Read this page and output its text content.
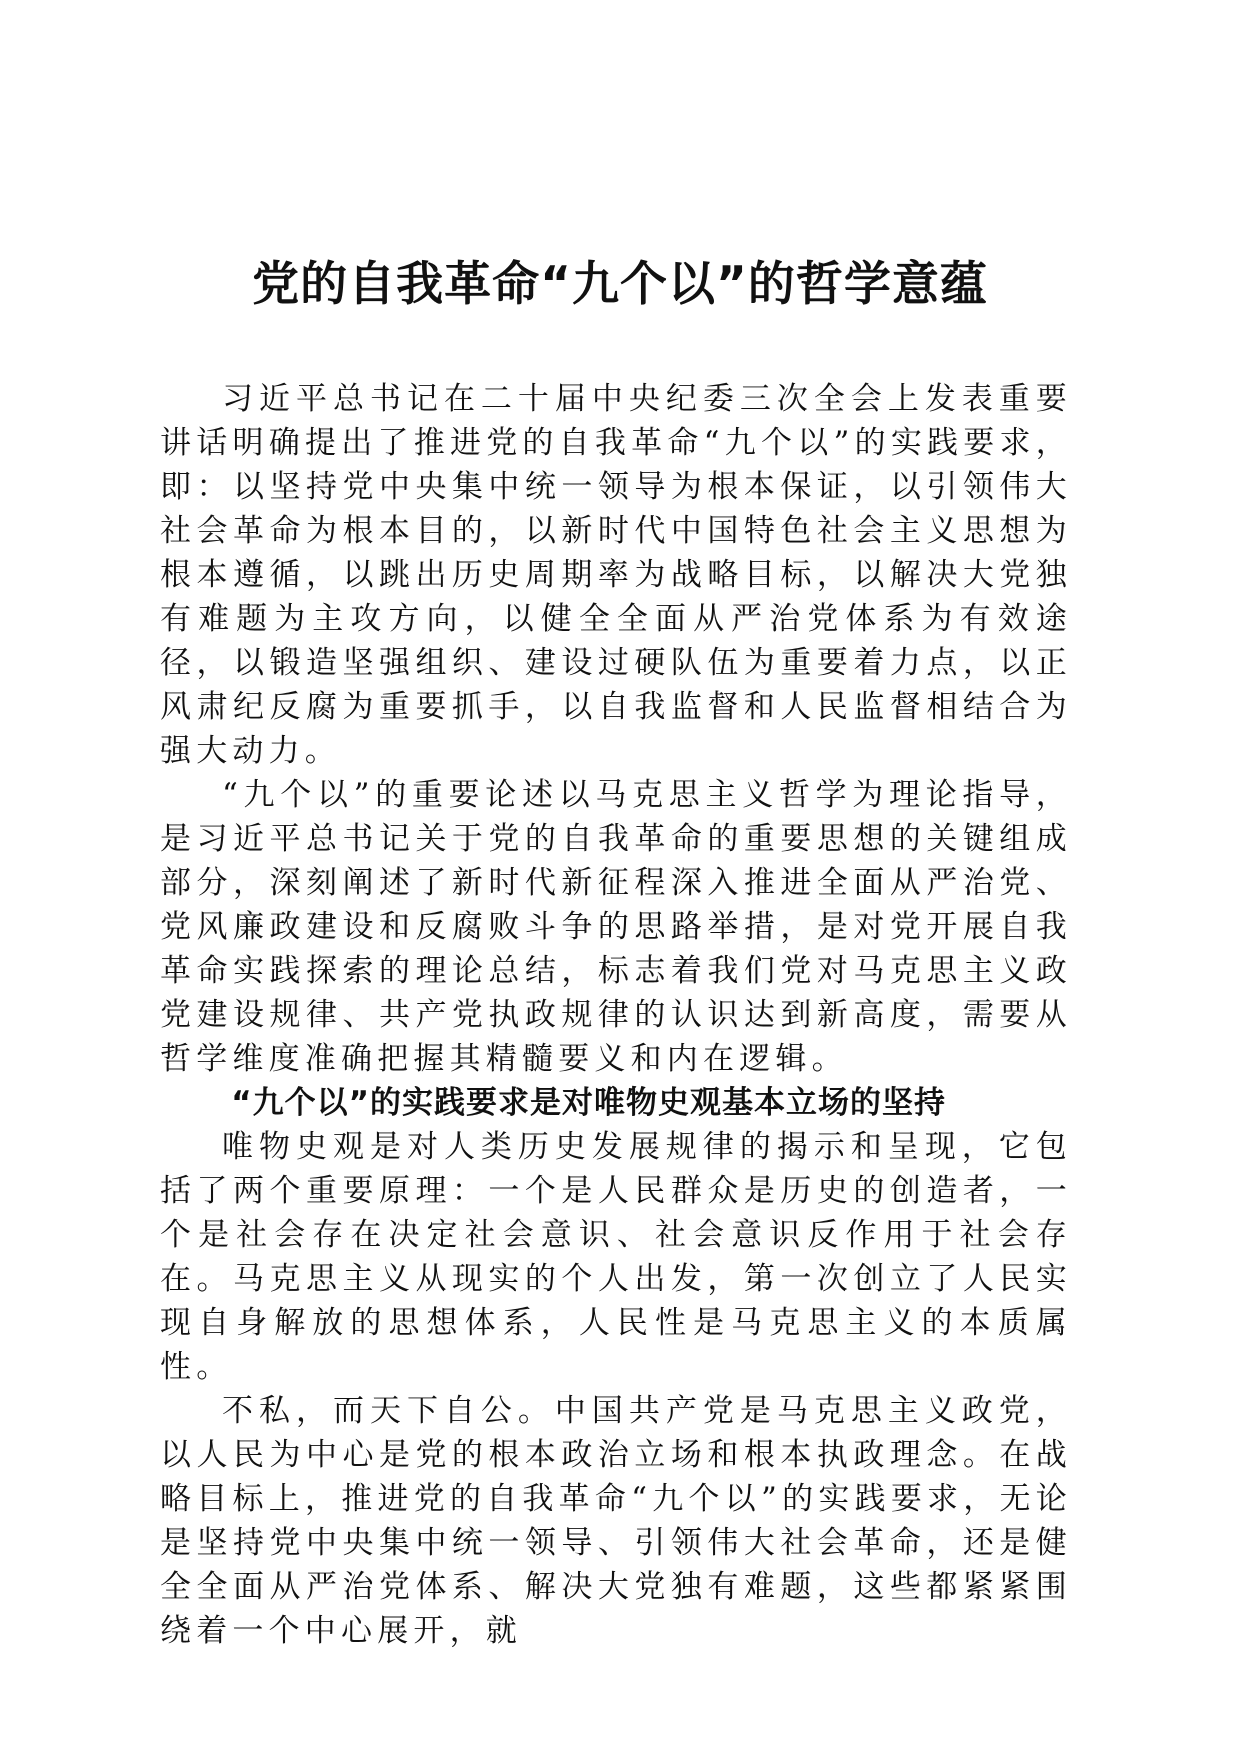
党的自我革命“九个以”的哲学意蕴

习近平总书记在二十届中央纪委三次全会上发表重要讲话明确提出了推进党的自我革命“九个以”的实践要求，即：以坚持党中央集中统一领导为根本保证，以引领伟大社会革命为根本目的，以新时代中国特色社会主义思想为根本遵循，以跳出历史周期率为战略目标，以解决大党独有难题为主攻方向，以健全全面从严治党体系为有效途径，以锻造坚强组织、建设过硬队伍为重要着力点，以正风肃纪反腐为重要抓手，以自我监督和人民监督相结合为强大动力。

“九个以”的重要论述以马克思主义哲学为理论指导，是习近平总书记关于党的自我革命的重要思想的关键组成部分，深刻阐述了新时代新征程深入推进全面从严治党、党风廉政建设和反腐败斗争的思路举措，是对党开展自我革命实践探索的理论总结，标志着我们党对马克思主义政党建设规律、共产党执政规律的认识达到新高度，需要从哲学维度准确把握其精髓要义和内在逻辑。

“九个以”的实践要求是对唯物史观基本立场的坚持

唯物史观是对人类历史发展规律的揭示和呈现，它包括了两个重要原理：一个是人民群众是历史的创造者，一个是社会存在决定社会意识、社会意识反作用于社会存在。马克思主义从现实的个人出发，第一次创立了人民实现自身解放的思想体系，人民性是马克思主义的本质属性。

不私，而天下自公。中国共产党是马克思主义政党，以人民为中心是党的根本政治立场和根本执政理念。在战略目标上，推进党的自我革命“九个以”的实践要求，无论是坚持党中央集中统一领导、引领伟大社会革命，还是健全全面从严治党体系、解决大党独有难题，这些都紧紧围绕着一个中心展开，就
